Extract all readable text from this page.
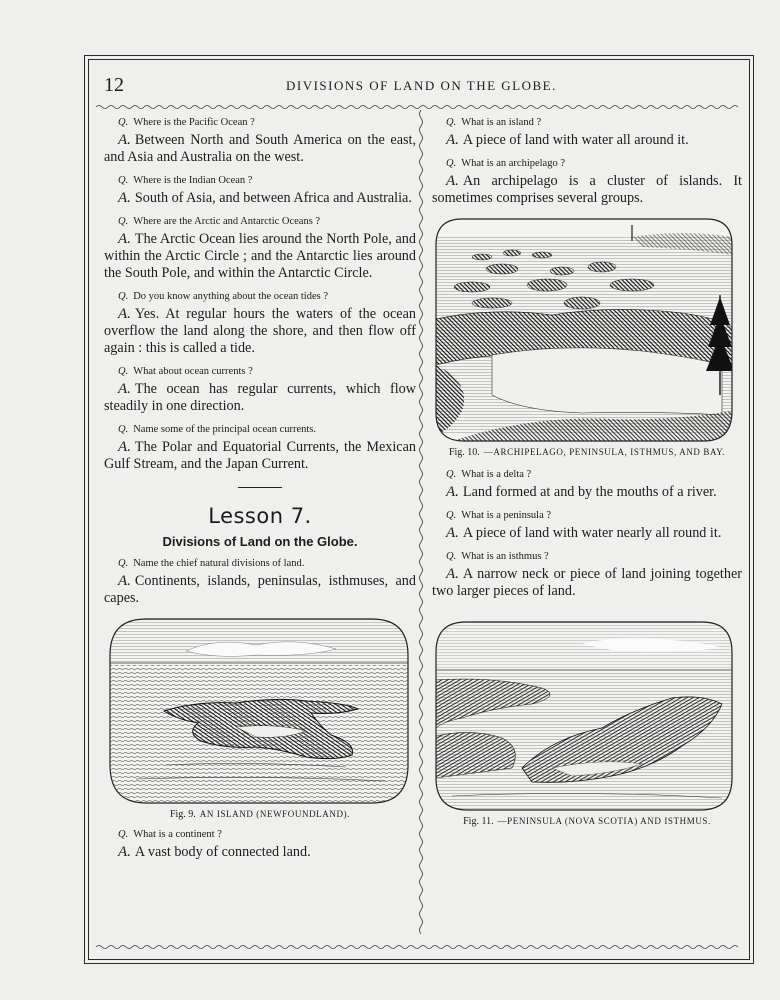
12	DIVISIONS OF LAND ON THE GLOBE.

Q. Where is the Pacific Ocean ?

A. Between North and South America on the east, and Asia and Australia on the west.

Q. Where is the Indian Ocean ?

A. South of Asia, and between Africa and Australia.

Q. Where are the Arctic and Antarctic Oceans ?

A. The Arctic Ocean lies around the North Pole, and within the Arctic Circle ; and the Antarctic lies around the South Pole, and within the Antarctic Circle.

Q. Do you know anything about the ocean tides ?

A. Yes. At regular hours the waters of the ocean overflow the land along the shore, and then flow off again : this is called a tide.

Q. What about ocean currents ?

A. The ocean has regular currents, which flow steadily in one direction.

Q. Name some of the principal ocean currents.

A. The Polar and Equatorial Currents, the Mexican Gulf Stream, and the Japan Current.

Lesson 7.
Divisions of Land on the Globe.

Q. Name the chief natural divisions of land.

A. Continents, islands, peninsulas, isthmuses, and capes.

Fig. 9. AN ISLAND (NEWFOUNDLAND).

Q. What is a continent ?

A. A vast body of connected land.

Q. What is an island ?

A. A piece of land with water all around it.

Q. What is an archipelago ?

A. An archipelago is a cluster of islands. It sometimes comprises several groups.

Fig. 10. —ARCHIPELAGO, PENINSULA, ISTHMUS, AND BAY.

Q. What is a delta ?

A. Land formed at and by the mouths of a river.

Q. What is a peninsula ?

A. A piece of land with water nearly all round it.

Q. What is an isthmus ?

A. A narrow neck or piece of land joining together two larger pieces of land.

Fig. 11. —PENINSULA (NOVA SCOTIA) AND ISTHMUS.
